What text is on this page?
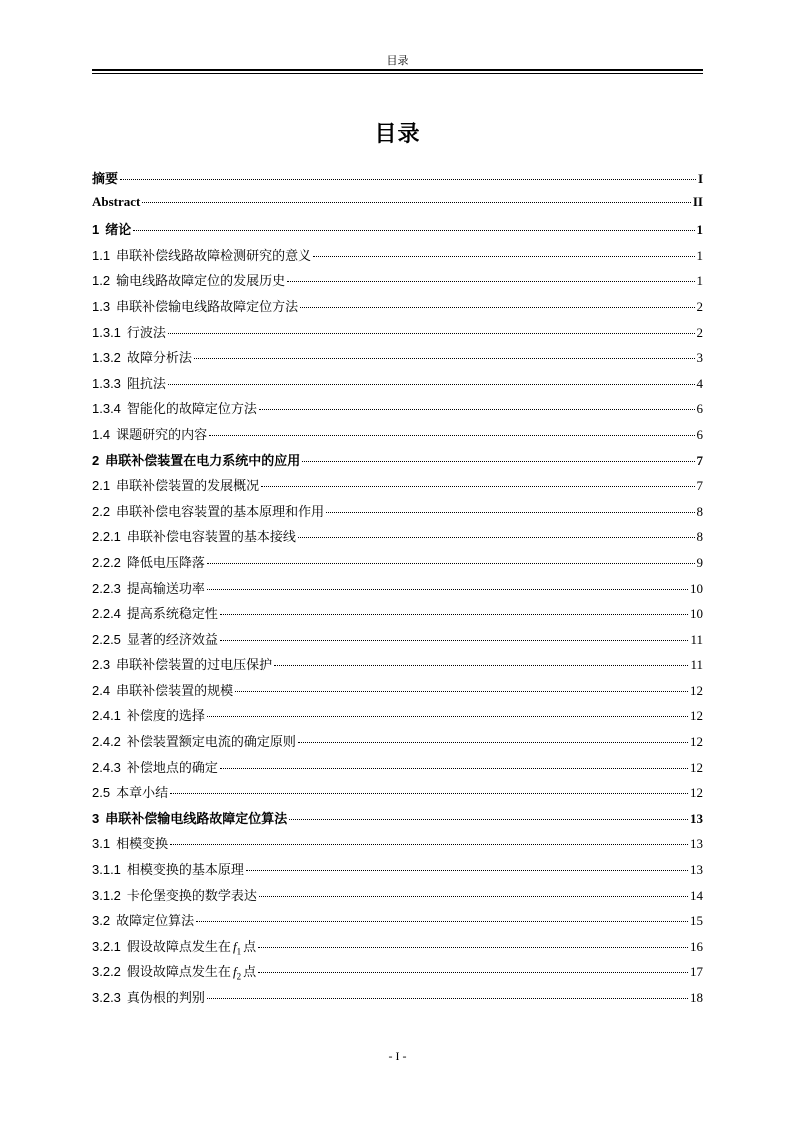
目录
目录
摘要	I
Abstract	II
1 绪论	1
1.1 串联补偿线路故障检测研究的意义	1
1.2 输电线路故障定位的发展历史	1
1.3 串联补偿输电线路故障定位方法	2
1.3.1 行波法	2
1.3.2 故障分析法	3
1.3.3 阻抗法	4
1.3.4 智能化的故障定位方法	6
1.4 课题研究的内容	6
2 串联补偿装置在电力系统中的应用	7
2.1 串联补偿装置的发展概况	7
2.2 串联补偿电容装置的基本原理和作用	8
2.2.1 串联补偿电容装置的基本接线	8
2.2.2 降低电压降落	9
2.2.3 提高输送功率	10
2.2.4 提高系统稳定性	10
2.2.5 显著的经济效益	11
2.3 串联补偿装置的过电压保护	11
2.4 串联补偿装置的规模	12
2.4.1 补偿度的选择	12
2.4.2 补偿装置额定电流的确定原则	12
2.4.3 补偿地点的确定	12
2.5 本章小结	12
3 串联补偿输电线路故障定位算法	13
3.1 相模变换	13
3.1.1 相模变换的基本原理	13
3.1.2 卡伦堡变换的数学表达	14
3.2 故障定位算法	15
3.2.1 假设故障点发生在 $f_1$ 点	16
3.2.2 假设故障点发生在 $f_2$ 点	17
3.2.3 真伪根的判别	18
- I -
